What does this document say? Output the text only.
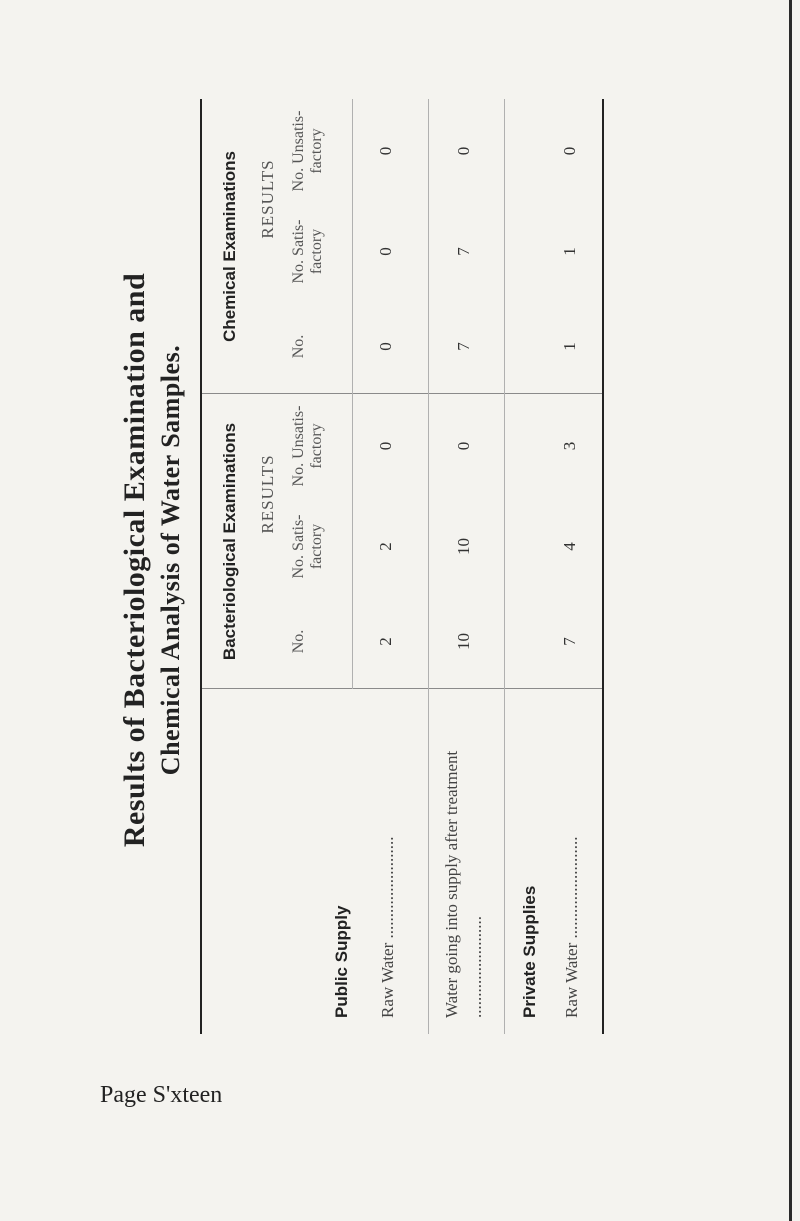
Results of Bacteriological Examination and Chemical Analysis of Water Samples. Bacteriological Examinations
Chemical Examinations
RESULTS
RESULTS
No.
No. Satis- factory
No. Unsatis- factory
No.
No. Satis- factory
No. Unsatis- factory
Public Supply Raw Water ........................
2
2
0
0
0
0
Water going into supply after treatment ........................
10
10
0
7
7
0
Private Supplies Raw Water ........................
7
4
3
1
1
0
Page S'xteen
